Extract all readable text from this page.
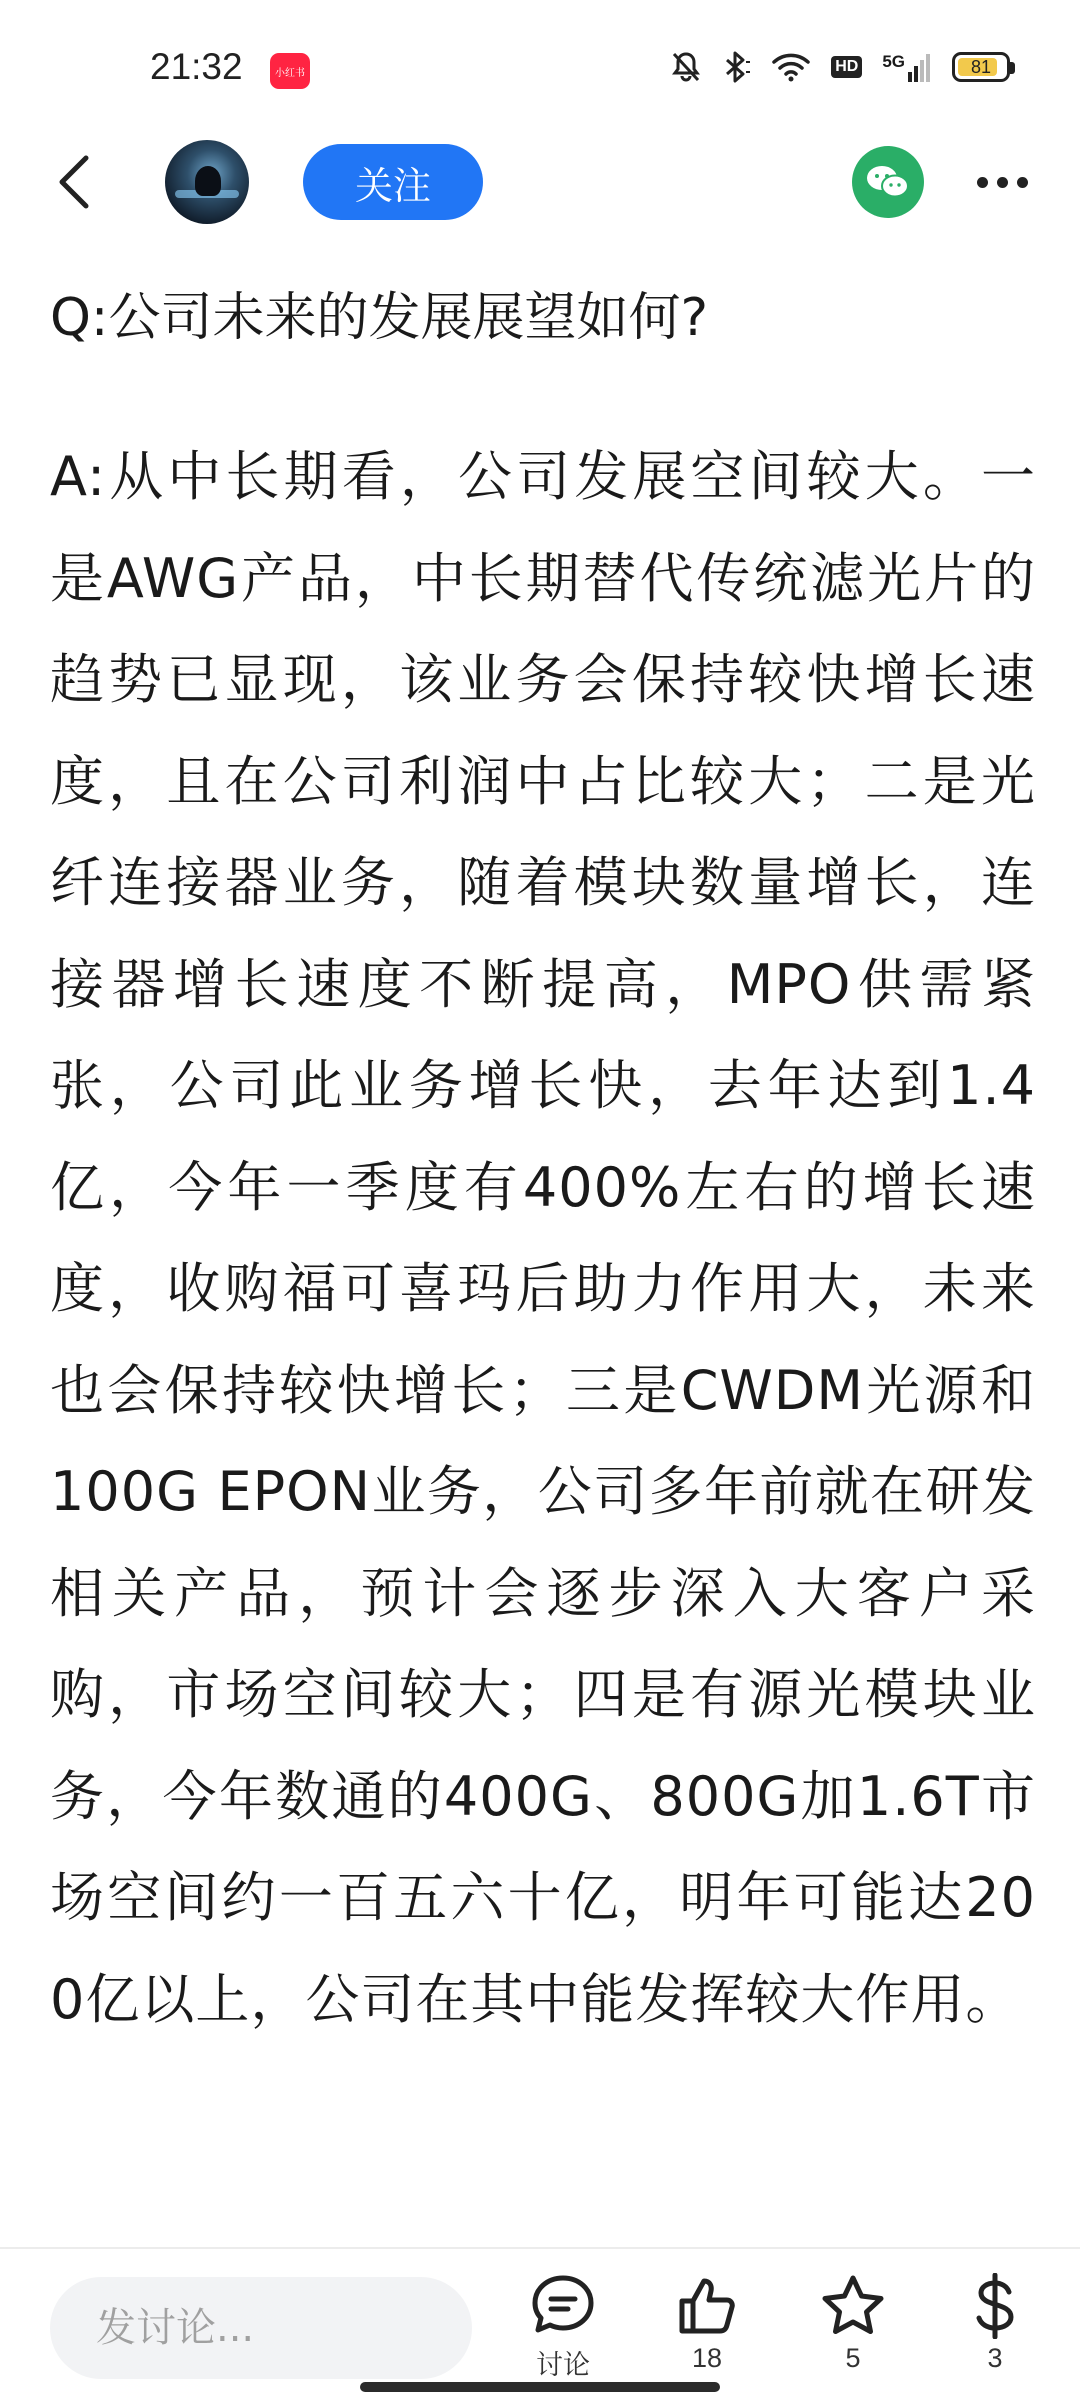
21:32	小红书	HD 5G	81
关注

Q:公司未来的发展展望如何?

A:从中长期看，公司发展空间较大。一是AWG产品，中长期替代传统滤光片的趋势已显现，该业务会保持较快增长速度，且在公司利润中占比较大；二是光纤连接器业务，随着模块数量增长，连接器增长速度不断提高，MPO供需紧张，公司此业务增长快，去年达到1.4亿，今年一季度有400%左右的增长速度，收购福可喜玛后助力作用大，未来也会保持较快增长；三是CWDM光源和100G EPON业务，公司多年前就在研发相关产品，预计会逐步深入大客户采购，市场空间较大；四是有源光模块业务，今年数通的400G、800G加1.6T市场空间约一百五六十亿，明年可能达200亿以上，公司在其中能发挥较大作用。
发讨论...
讨论	18	5	3
